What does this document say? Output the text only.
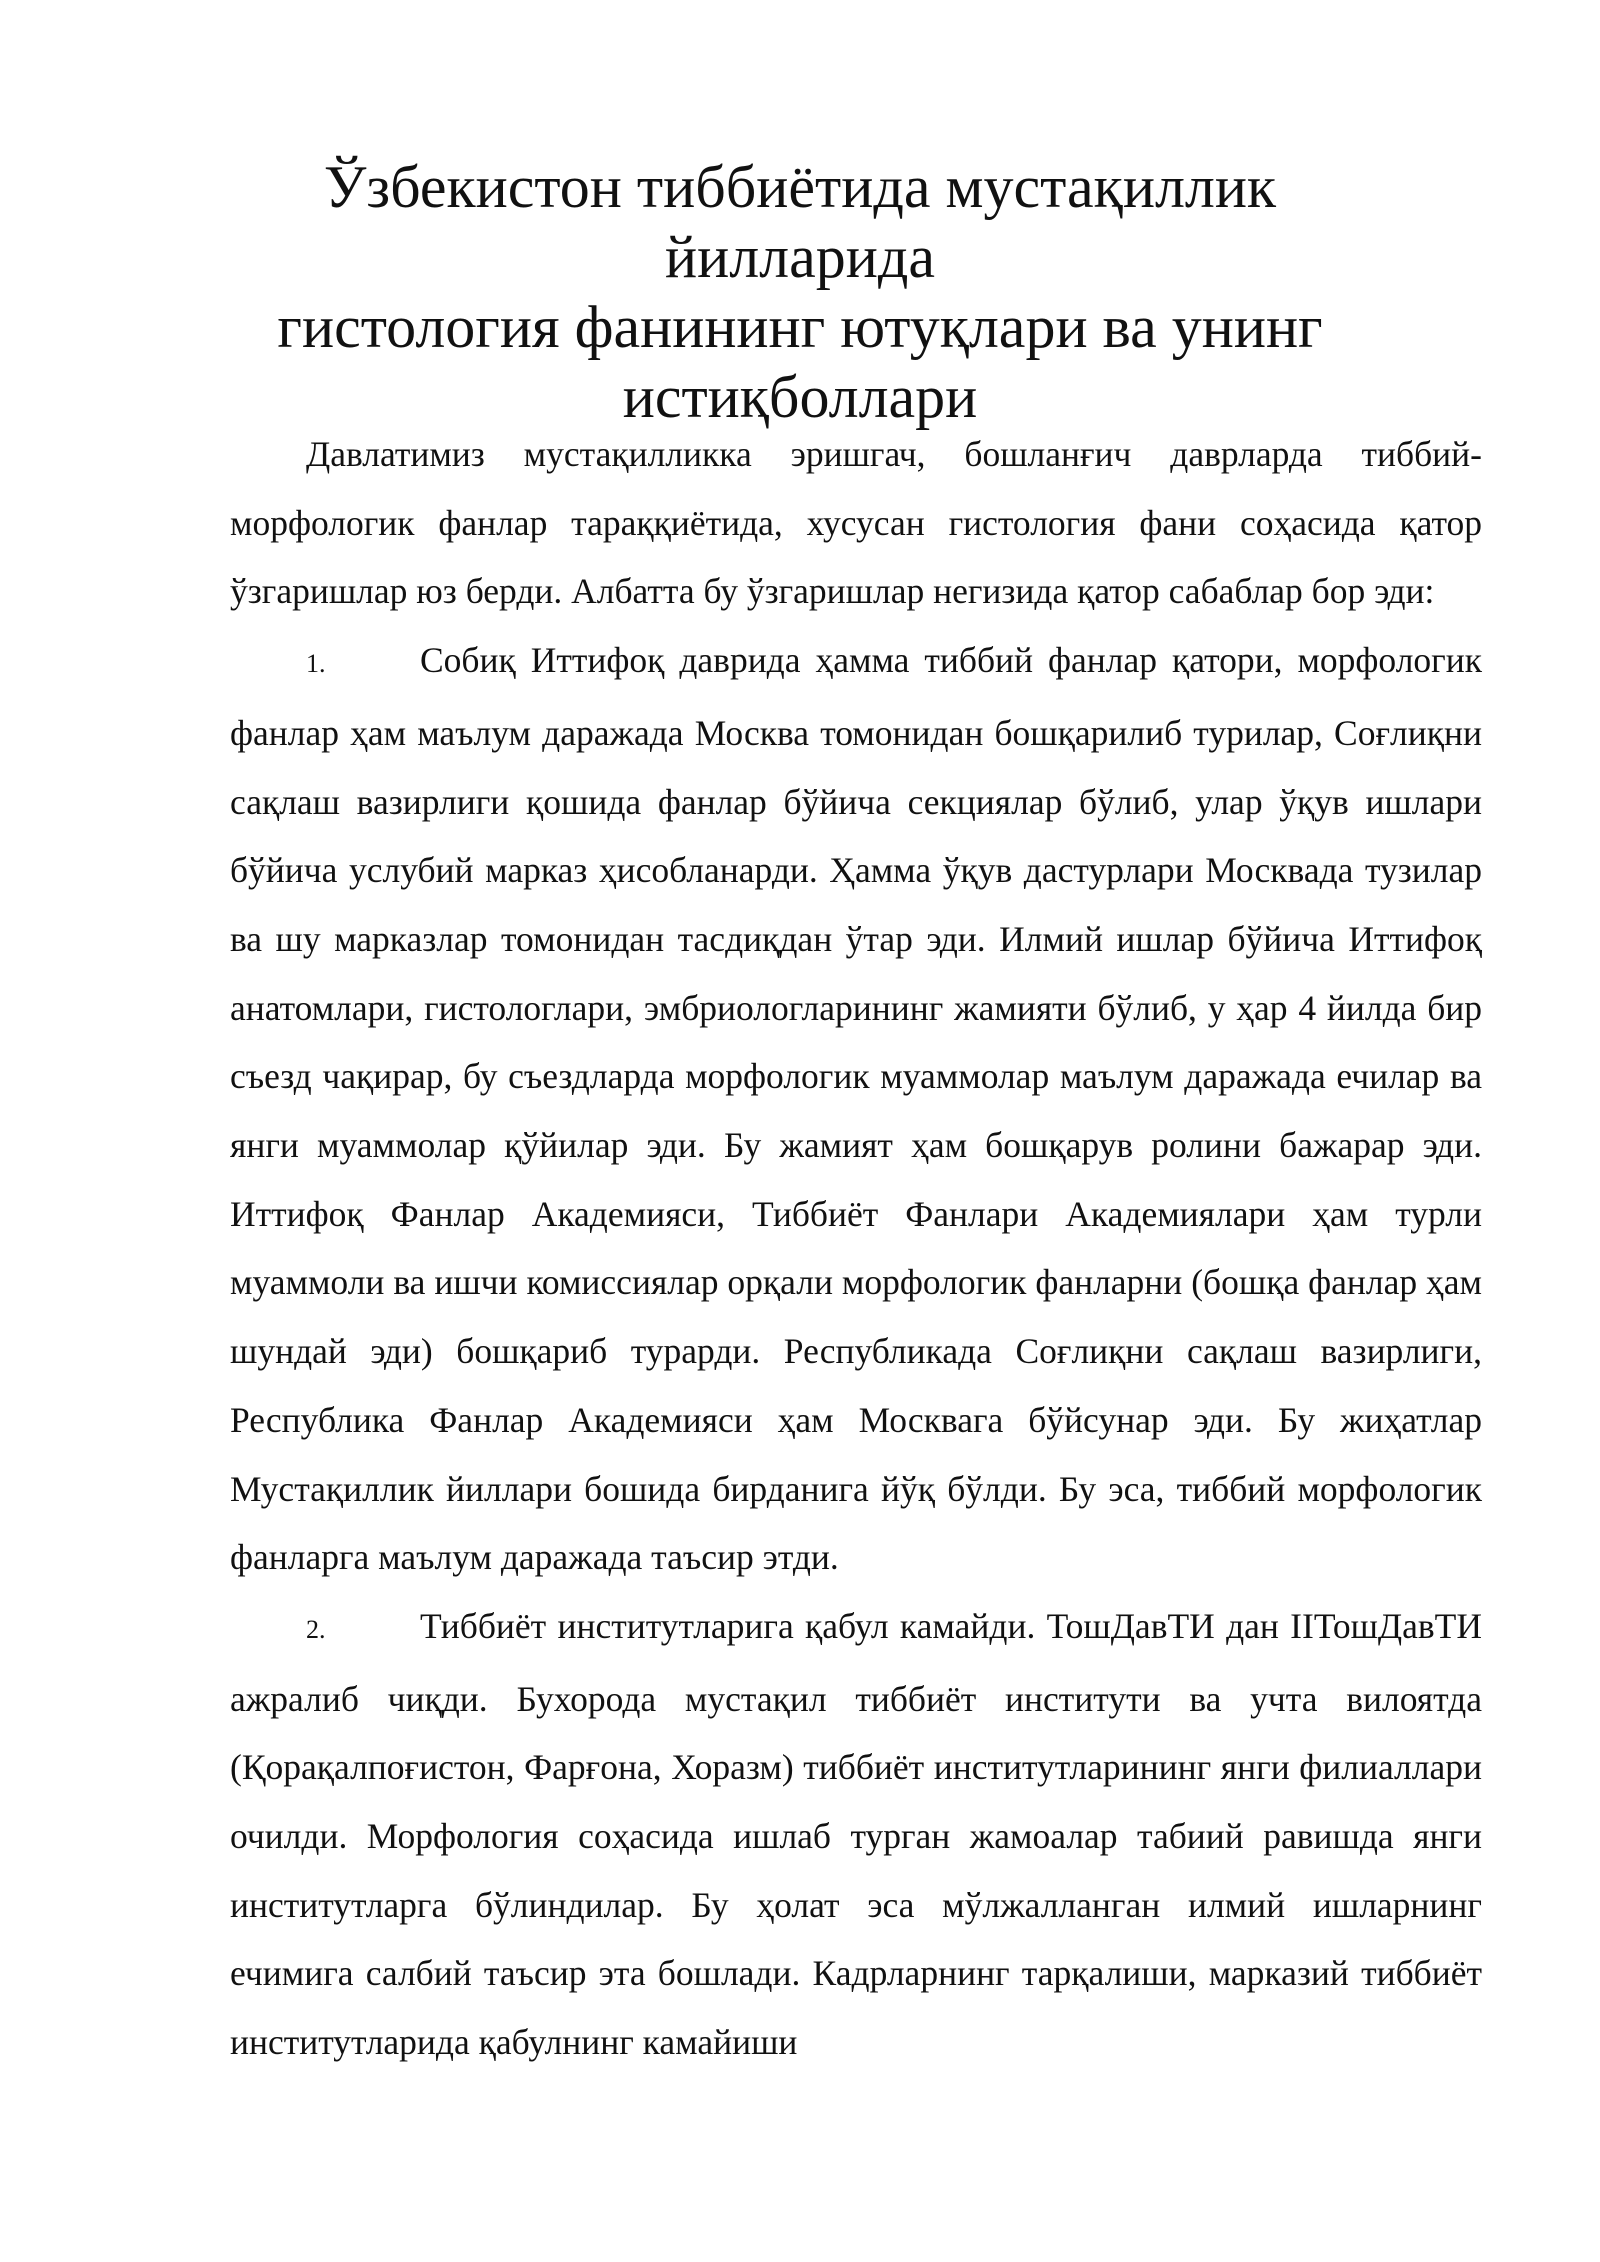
Ўзбекистон тиббиётида мустақиллик йилларида
гистология фанининг ютуқлари ва унинг
истиқболлари

Давлатимиз мустақилликка эришгач, бошланғич даврларда тиббий-морфологик фанлар тараққиётида, хусусан гистология фани соҳасида қатор ўзгаришлар юз берди. Албатта бу ўзгаришлар негизида қатор сабаблар бор эди:

1.	Собиқ Иттифоқ даврида ҳамма тиббий фанлар қатори, морфологик фанлар ҳам маълум даражада Москва томонидан бошқарилиб турилар, Соғлиқни сақлаш вазирлиги қошида фанлар бўйича секциялар бўлиб, улар ўқув ишлари бўйича услубий марказ ҳисобланарди. Ҳамма ўқув дастурлари Москвада тузилар ва шу марказлар томонидан тасдиқдан ўтар эди. Илмий ишлар бўйича Иттифоқ анатомлари, гистологлари, эмбриологларининг жамияти бўлиб, у ҳар 4 йилда бир съезд чақирар, бу съездларда морфологик муаммолар маълум даражада ечилар ва янги муаммолар қўйилар эди. Бу жамият ҳам бошқарув ролини бажарар эди. Иттифоқ Фанлар Академияси, Тиббиёт Фанлари Академиялари ҳам турли муаммоли ва ишчи комиссиялар орқали морфологик фанларни (бошқа фанлар ҳам шундай эди) бошқариб турарди. Республикада Соғлиқни сақлаш вазирлиги, Республика Фанлар Академияси ҳам Москвага бўйсунар эди. Бу жиҳатлар Мустақиллик йиллари бошида бирданига йўқ бўлди. Бу эса, тиббий морфологик фанларга маълум даражада таъсир этди.

2.	Тиббиёт институтларига қабул камайди. ТошДавТИ дан IIТошДавТИ ажралиб чиқди. Бухорода мустақил тиббиёт институти ва учта вилоятда (Қорақалпоғистон, Фарғона, Хоразм) тиббиёт институтларининг янги филиаллари очилди. Морфология соҳасида ишлаб турган жамоалар табиий равишда янги институтларга бўлиндилар. Бу ҳолат эса мўлжалланган илмий ишларнинг ечимига салбий таъсир эта бошлади. Кадрларнинг тарқалиши, марказий тиббиёт институтларида қабулнинг камайиши
